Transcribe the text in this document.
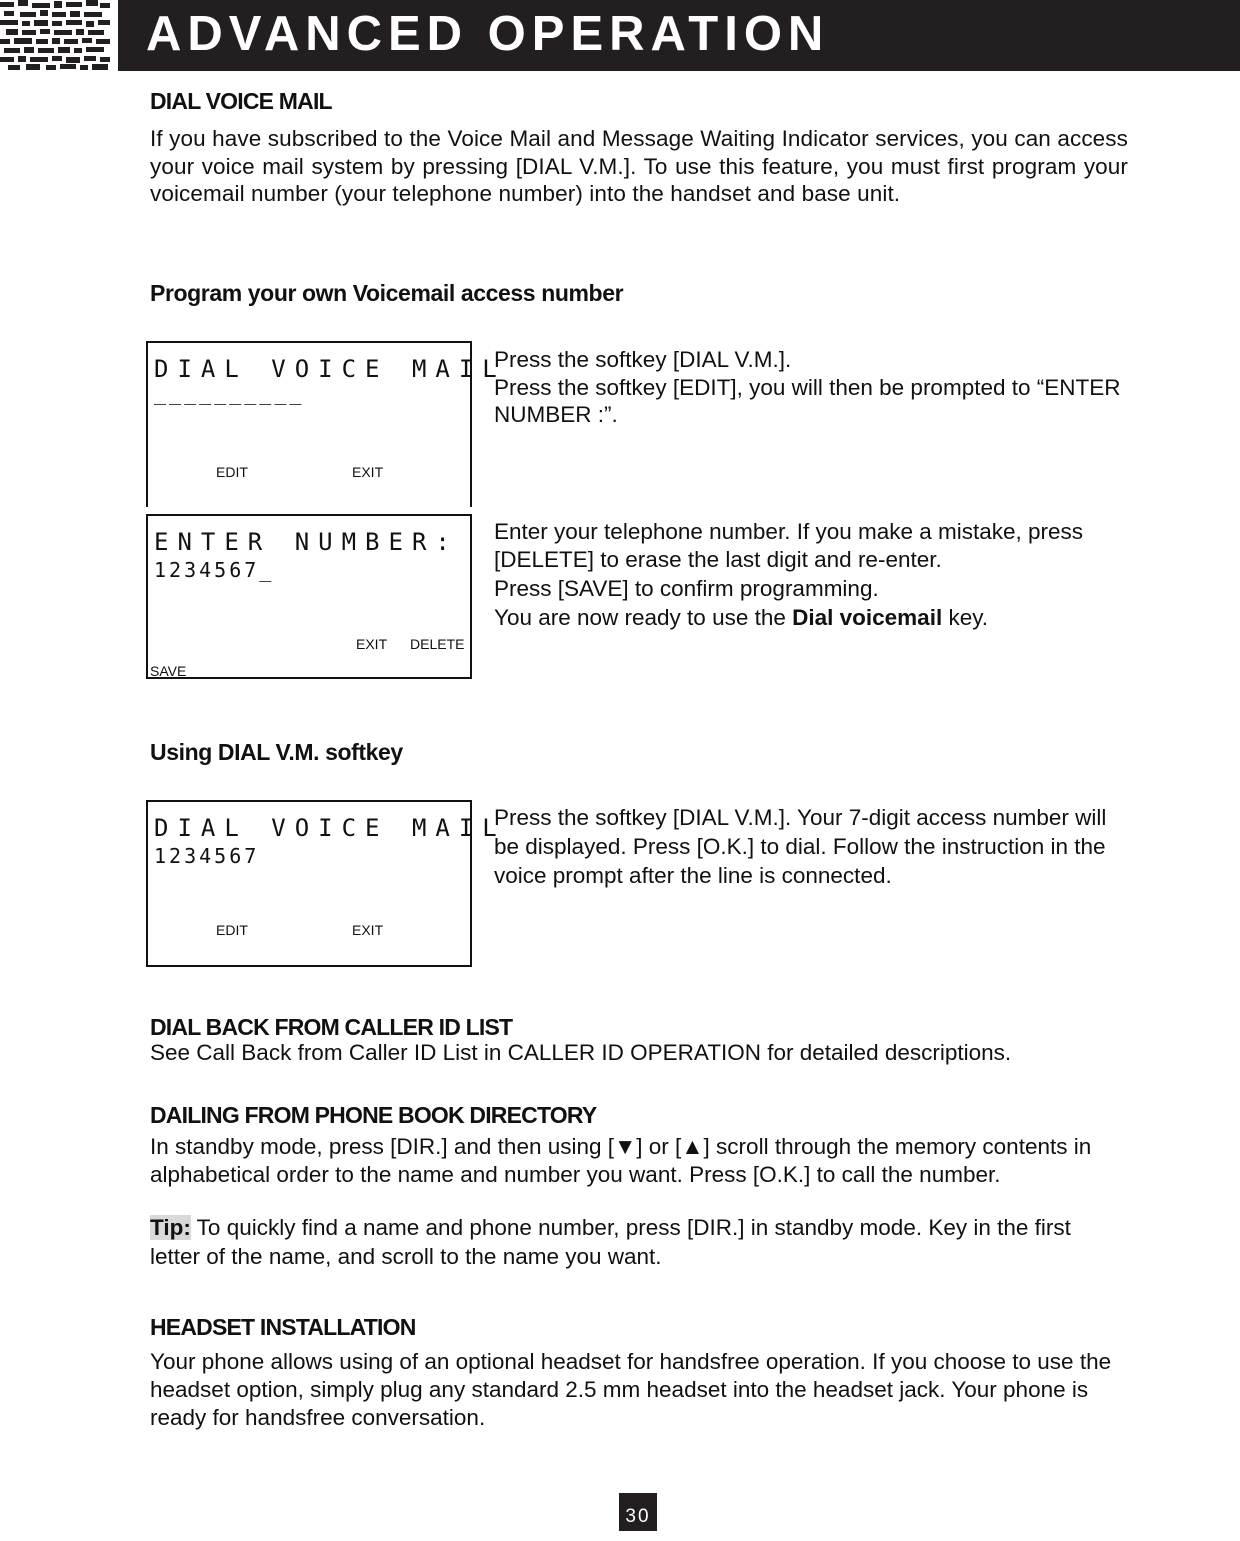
ADVANCED OPERATION
DIAL VOICE MAIL
If you have subscribed to the Voice Mail and Message Waiting Indicator services, you can access your voice mail system by pressing [DIAL V.M.]. To use this feature, you must first program your voicemail number (your telephone number) into the handset and base unit.
Program your own Voicemail access number
DIAL VOICE MAIL
__________
EDIT	EXIT

Press the softkey [DIAL V.M.].

Press the softkey [EDIT], you will then be prompted to “ENTER NUMBER :”.

ENTER NUMBER:
1234567_
EXIT DELETE
SAVE

Enter your telephone number. If you make a mistake, press [DELETE] to erase the last digit and re-enter.

Press [SAVE] to confirm programming.

You are now ready to use the Dial voicemail key.

Using DIAL V.M. softkey
DIAL VOICE MAIL
1234567
EDIT	EXIT
Press the softkey [DIAL V.M.]. Your 7-digit access number will be displayed. Press [O.K.] to dial. Follow the instruction in the voice prompt after the line is connected.
DIAL BACK FROM CALLER ID LIST
See Call Back from Caller ID List in CALLER ID OPERATION for detailed descriptions.
DAILING FROM PHONE BOOK DIRECTORY
In standby mode, press [DIR.] and then using [▼] or [▲] scroll through the memory contents in alphabetical order to the name and number you want. Press [O.K.] to call the number.
Tip: To quickly find a name and phone number, press [DIR.] in standby mode. Key in the first letter of the name, and scroll to the name you want.
HEADSET INSTALLATION
Your phone allows using of an optional headset for handsfree operation. If you choose to use the headset option, simply plug any standard 2.5 mm headset into the headset jack. Your phone is ready for handsfree conversation.
30
